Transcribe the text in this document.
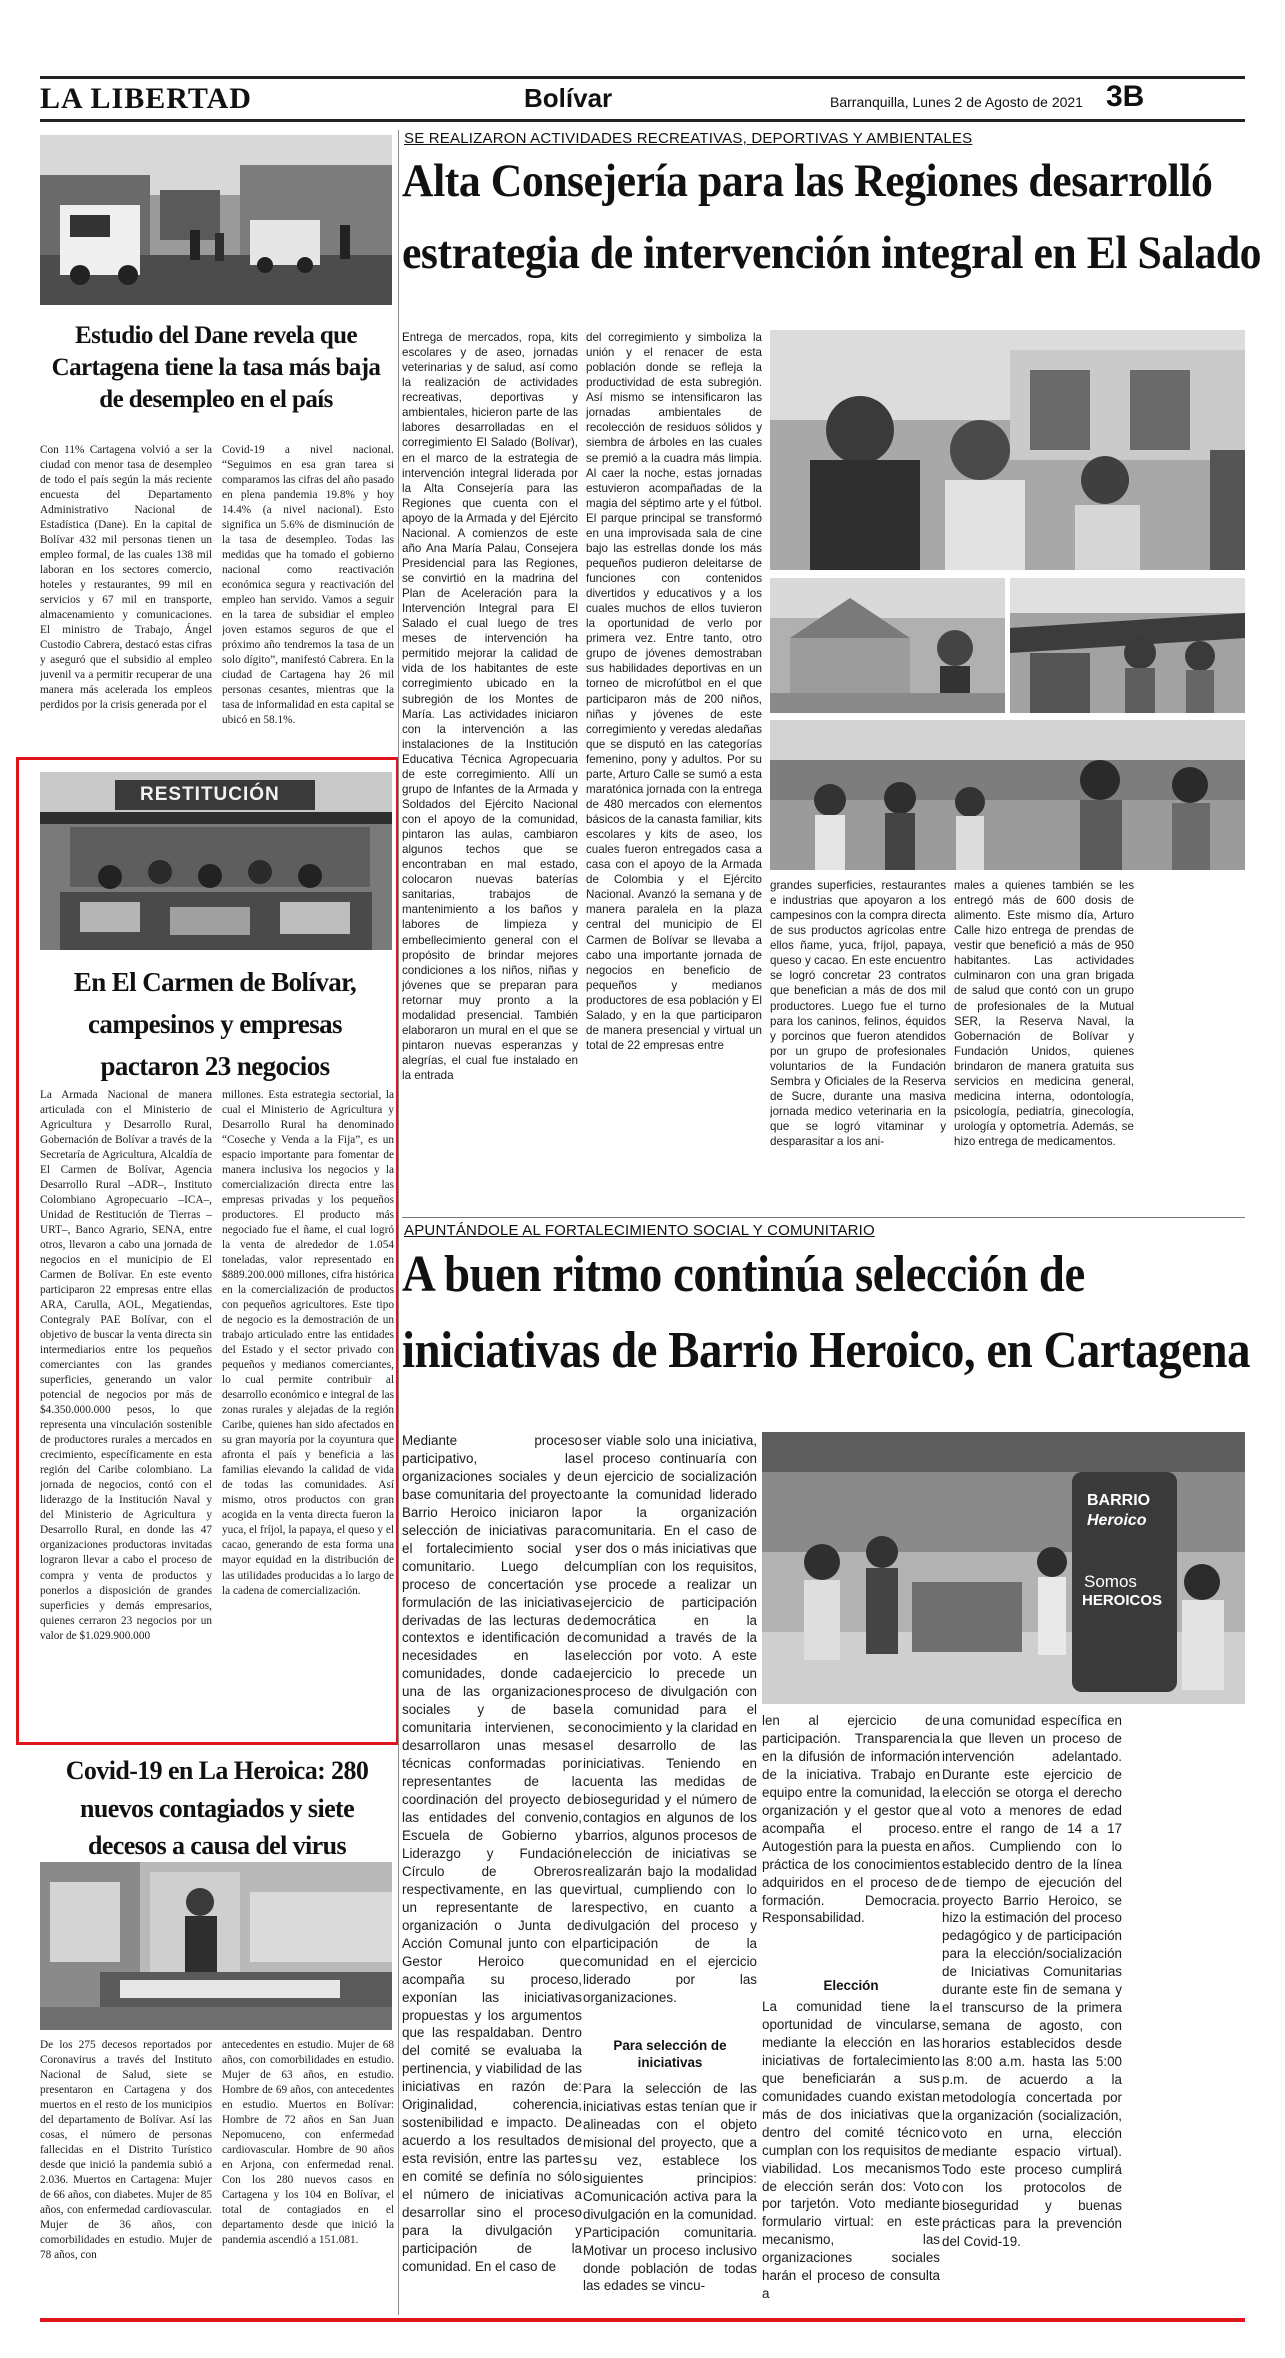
LA LIBERTAD	Bolívar	Barranquilla, Lunes 2 de Agosto de 2021 3B
Estudio del Dane revela que Cartagena tiene la tasa más baja de desempleo en el país
Con 11% Cartagena volvió a ser la ciudad con menor tasa de desempleo de todo el país según la más reciente encuesta del Departamento Administrativo Nacional de Estadística (Dane). En la capital de Bolívar 432 mil personas tienen un empleo formal, de las cuales 138 mil laboran en los sectores comercio, hoteles y restaurantes, 99 mil en servicios y 67 mil en transporte, almacenamiento y comunicaciones. El ministro de Trabajo, Ángel Custodio Cabrera, destacó estas cifras y aseguró que el subsidio al empleo juvenil va a permitir recuperar de una manera más acelerada los empleos perdidos por la crisis generada por el
Covid-19 a nivel nacional. “Seguimos en esa gran tarea si comparamos las cifras del año pasado en plena pandemia 19.8% y hoy 14.4% (a nivel nacional). Esto significa un 5.6% de disminución de la tasa de desempleo. Todas las medidas que ha tomado el gobierno nacional como reactivación económica segura y reactivación del empleo han servido. Vamos a seguir en la tarea de subsidiar el empleo joven estamos seguros de que el próximo año tendremos la tasa de un solo dígito”, manifestó Cabrera. En la ciudad de Cartagena hay 26 mil personas cesantes, mientras que la tasa de informalidad en esta capital se ubicó en 58.1%.
RESTITUCIÓN
En El Carmen de Bolívar, campesinos y empresas pactaron 23 negocios
La Armada Nacional de manera articulada con el Ministerio de Agricultura y Desarrollo Rural, Gobernación de Bolívar a través de la Secretaría de Agricultura, Alcaldía de El Carmen de Bolívar, Agencia Desarrollo Rural –ADR–, Instituto Colombiano Agropecuario –ICA–, Unidad de Restitución de Tierras –URT–, Banco Agrario, SENA, entre otros, llevaron a cabo una jornada de negocios en el municipio de El Carmen de Bolívar. En este evento participaron 22 empresas entre ellas ARA, Carulla, AOL, Megatiendas, Contegraly PAE Bolívar, con el objetivo de buscar la venta directa sin intermediarios entre los pequeños comerciantes con las grandes superficies, generando un valor potencial de negocios por más de $4.350.000.000 pesos, lo que representa una vinculación sostenible de productores rurales a mercados en crecimiento, específicamente en esta región del Caribe colombiano. La jornada de negocios, contó con el liderazgo de la Institución Naval y del Ministerio de Agricultura y Desarrollo Rural, en donde las 47 organizaciones productoras invitadas lograron llevar a cabo el proceso de compra y venta de productos y ponerlos a disposición de grandes superficies y demás empresarios, quienes cerraron 23 negocios por un valor de $1.029.900.000
millones. Esta estrategia sectorial, la cual el Ministerio de Agricultura y Desarrollo Rural ha denominado “Coseche y Venda a la Fija”, es un espacio importante para fomentar de manera inclusiva los negocios y la comercialización directa entre las empresas privadas y los pequeños productores. El producto más negociado fue el ñame, el cual logró la venta de alrededor de 1.054 toneladas, valor representado en $889.200.000 millones, cifra histórica en la comercialización de productos con pequeños agricultores. Este tipo de negocio es la demostración de un trabajo articulado entre las entidades del Estado y el sector privado con pequeños y medianos comerciantes, lo cual permite contribuir al desarrollo económico e integral de las zonas rurales y alejadas de la región Caribe, quienes han sido afectados en su gran mayoría por la coyuntura que afronta el país y beneficia a las familias elevando la calidad de vida de todas las comunidades. Así mismo, otros productos con gran acogida en la venta directa fueron la yuca, el fríjol, la papaya, el queso y el cacao, generando de esta forma una mayor equidad en la distribución de las utilidades producidas a lo largo de la cadena de comercialización.
Covid-19 en La Heroica: 280 nuevos contagiados y siete decesos a causa del virus
De los 275 decesos reportados por Coronavirus a través del Instituto Nacional de Salud, siete se presentaron en Cartagena y dos muertos en el resto de los municipios del departamento de Bolívar. Así las cosas, el número de personas fallecidas en el Distrito Turístico desde que inició la pandemia subió a 2.036. Muertos en Cartagena: Mujer de 66 años, con diabetes. Mujer de 85 años, con enfermedad cardiovascular. Mujer de 36 años, con comorbilidades en estudio. Mujer de 78 años, con
antecedentes en estudio. Mujer de 68 años, con comorbilidades en estudio. Mujer de 63 años, en estudio. Hombre de 69 años, con antecedentes en estudio. Muertos en Bolívar: Hombre de 72 años en San Juan Nepomuceno, con enfermedad cardiovascular. Hombre de 90 años en Arjona, con enfermedad renal. Con los 280 nuevos casos en Cartagena y los 104 en Bolívar, el total de contagiados en el departamento desde que inició la pandemia ascendió a 151.081.
SE REALIZARON ACTIVIDADES RECREATIVAS, DEPORTIVAS Y AMBIENTALES
Alta Consejería para las Regiones desarrolló
estrategia de intervención integral en El Salado
Entrega de mercados, ropa, kits escolares y de aseo, jornadas veterinarias y de salud, así como la realización de actividades recreativas, deportivas y ambientales, hicieron parte de las labores desarrolladas en el corregimiento El Salado (Bolívar), en el marco de la estrategia de intervención integral liderada por la Alta Consejería para las Regiones que cuenta con el apoyo de la Armada y del Ejército Nacional. A comienzos de este año Ana María Palau, Consejera Presidencial para las Regiones, se convirtió en la madrina del Plan de Aceleración para la Intervención Integral para El Salado el cual luego de tres meses de intervención ha permitido mejorar la calidad de vida de los habitantes de este corregimiento ubicado en la subregión de los Montes de María. Las actividades iniciaron con la intervención a las instalaciones de la Institución Educativa Técnica Agropecuaria de este corregimiento. Allí un grupo de Infantes de la Armada y Soldados del Ejército Nacional con el apoyo de la comunidad, pintaron las aulas, cambiaron algunos techos que se encontraban en mal estado, colocaron nuevas baterías sanitarias, trabajos de mantenimiento a los baños y labores de limpieza y embellecimiento general con el propósito de brindar mejores condiciones a los niños, niñas y jóvenes que se preparan para retornar muy pronto a la modalidad presencial. También elaboraron un mural en el que se pintaron nuevas esperanzas y alegrías, el cual fue instalado en la entrada
del corregimiento y simboliza la unión y el renacer de esta población donde se refleja la productividad de esta subregión. Así mismo se intensificaron las jornadas ambientales de recolección de residuos sólidos y siembra de árboles en las cuales se premió a la cuadra más limpia. Al caer la noche, estas jornadas estuvieron acompañadas de la magia del séptimo arte y el fútbol. El parque principal se transformó en una improvisada sala de cine bajo las estrellas donde los más pequeños pudieron deleitarse de funciones con contenidos divertidos y educativos y a los cuales muchos de ellos tuvieron la oportunidad de verlo por primera vez. Entre tanto, otro grupo de jóvenes demostraban sus habilidades deportivas en un torneo de microfútbol en el que participaron más de 200 niños, niñas y jóvenes de este corregimiento y veredas aledañas que se disputó en las categorías femenino, pony y adultos. Por su parte, Arturo Calle se sumó a esta maratónica jornada con la entrega de 480 mercados con elementos básicos de la canasta familiar, kits escolares y kits de aseo, los cuales fueron entregados casa a casa con el apoyo de la Armada de Colombia y el Ejército Nacional. Avanzó la semana y de manera paralela en la plaza central del municipio de El Carmen de Bolívar se llevaba a cabo una importante jornada de negocios en beneficio de pequeños y medianos productores de esa población y El Salado, y en la que participaron de manera presencial y virtual un total de 22 empresas entre
grandes superficies, restaurantes e industrias que apoyaron a los campesinos con la compra directa de sus productos agrícolas entre ellos ñame, yuca, fríjol, papaya, queso y cacao. En este encuentro se logró concretar 23 contratos que benefician a más de dos mil productores. Luego fue el turno para los caninos, felinos, équidos y porcinos que fueron atendidos por un grupo de profesionales voluntarios de la Fundación Sembra y Oficiales de la Reserva de Sucre, durante una masiva jornada medico veterinaria en la que se logró vitaminar y desparasitar a los ani-
males a quienes también se les entregó más de 600 dosis de alimento. Este mismo día, Arturo Calle hizo entrega de prendas de vestir que benefició a más de 950 habitantes. Las actividades culminaron con una gran brigada de salud que contó con un grupo de profesionales de la Mutual SER, la Reserva Naval, la Gobernación de Bolívar y Fundación Unidos, quienes brindaron de manera gratuita sus servicios en medicina general, medicina interna, odontología, psicología, pediatría, ginecología, urología y optometría. Además, se hizo entrega de medicamentos.
APUNTÁNDOLE AL FORTALECIMIENTO SOCIAL Y COMUNITARIO
A buen ritmo continúa selección de
iniciativas de Barrio Heroico, en Cartagena
Mediante proceso participativo, las organizaciones sociales y de base comunitaria del proyecto Barrio Heroico iniciaron la selección de iniciativas para el fortalecimiento social y comunitario. Luego del proceso de concertación y formulación de las iniciativas derivadas de las lecturas de contextos e identificación de necesidades en las comunidades, donde cada una de las organizaciones sociales y de base comunitaria intervienen, se desarrollaron unas mesas técnicas conformadas por representantes de la coordinación del proyecto de las entidades del convenio, Escuela de Gobierno y Liderazgo y Fundación Círculo de Obreros respectivamente, en las que un representante de la organización o Junta de Acción Comunal junto con el Gestor Heroico que acompaña su proceso, exponían las iniciativas propuestas y los argumentos que las respaldaban. Dentro del comité se evaluaba la pertinencia, y viabilidad de las iniciativas en razón de: Originalidad, coherencia, sostenibilidad e impacto. De acuerdo a los resultados de esta revisión, entre las partes en comité se definía no sólo el número de iniciativas a desarrollar sino el proceso para la divulgación y participación de la comunidad. En el caso de
BARRIO
Heroico
Somos
HEROICOS
ser viable solo una iniciativa, el proceso continuaría con un ejercicio de socialización ante la comunidad liderado por la organización comunitaria. En el caso de ser dos o más iniciativas que cumplían con los requisitos, se procede a realizar un ejercicio de participación democrática en la comunidad a través de la elección por voto. A este ejercicio lo precede un proceso de divulgación con la comunidad para el conocimiento y la claridad en el desarrollo de las iniciativas. Teniendo en cuenta las medidas de bioseguridad y el número de contagios en algunos de los barrios, algunos procesos de elección de iniciativas se realizarán bajo la modalidad virtual, cumpliendo con lo respectivo, en cuanto a divulgación del proceso y participación de la comunidad en el ejercicio liderado por las organizaciones.
Para selección de iniciativas
Para la selección de las iniciativas estas tenían que ir alineadas con el objeto misional del proyecto, que a su vez, establece los siguientes principios: Comunicación activa para la divulgación en la comunidad. Participación comunitaria. Motivar un proceso inclusivo donde población de todas las edades se vincu-
len al ejercicio de participación. Transparencia en la difusión de información de la iniciativa. Trabajo en equipo entre la comunidad, la organización y el gestor que acompaña el proceso. Autogestión para la puesta en práctica de los conocimientos adquiridos en el proceso de formación. Democracia. Responsabilidad.
Elección
La comunidad tiene la oportunidad de vincularse, mediante la elección en las iniciativas de fortalecimiento que beneficiarán a sus comunidades cuando existan más de dos iniciativas que dentro del comité técnico cumplan con los requisitos de viabilidad. Los mecanismos de elección serán dos: Voto por tarjetón. Voto mediante formulario virtual: en este mecanismo, las organizaciones sociales harán el proceso de consulta a
una comunidad específica en la que lleven un proceso de intervención adelantado. Durante este ejercicio de elección se otorga el derecho al voto a menores de edad entre el rango de 14 a 17 años. Cumpliendo con lo establecido dentro de la línea de tiempo de ejecución del proyecto Barrio Heroico, se hizo la estimación del proceso pedagógico y de participación para la elección/socialización de Iniciativas Comunitarias durante este fin de semana y el transcurso de la primera semana de agosto, con horarios establecidos desde las 8:00 a.m. hasta las 5:00 p.m. de acuerdo a la metodología concertada por la organización (socialización, voto en urna, elección mediante espacio virtual). Todo este proceso cumplirá con los protocolos de bioseguridad y buenas prácticas para la prevención del Covid-19.
